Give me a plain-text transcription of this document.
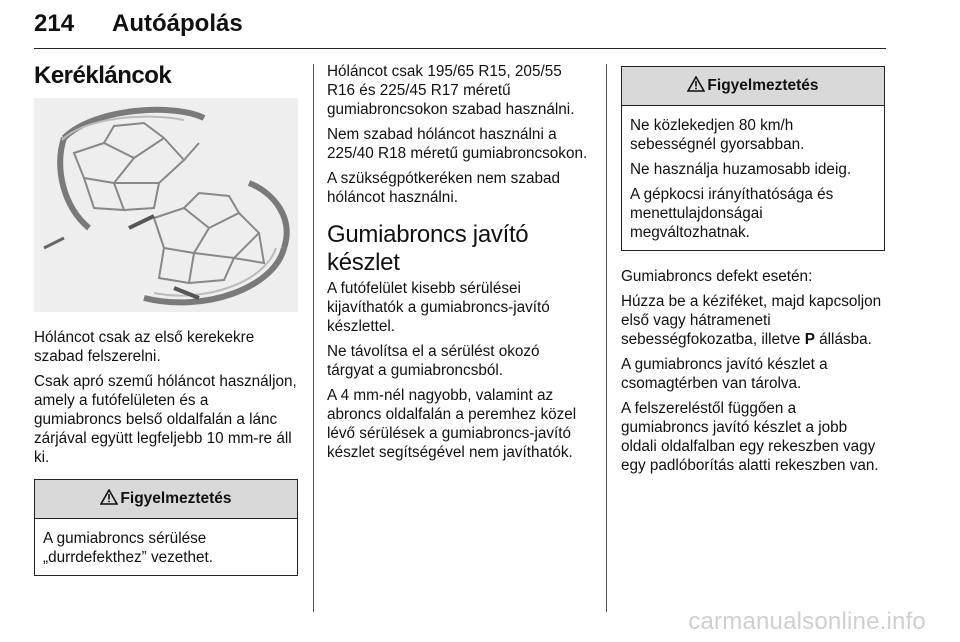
214 Autóápolás
Kerékláncok

Hóláncot csak az első kerekekre szabad felszerelni.

Csak apró szemű hóláncot használjon, amely a futófelületen és a gumiabroncs belső oldalfalán a lánc zárjával együtt legfeljebb 10 mm-re áll ki.

Figyelmeztetés

A gumiabroncs sérülése „durrdefekthez” vezethet.

Hóláncot csak 195/65 R15, 205/55 R16 és 225/45 R17 méretű gumiabroncsokon szabad használni.

Nem szabad hóláncot használni a 225/40 R18 méretű gumiabroncsokon.

A szükségpótkeréken nem szabad hóláncot használni.

Gumiabroncs javító készlet

A futófelület kisebb sérülései kijavíthatók a gumiabroncs-javító készlettel.

Ne távolítsa el a sérülést okozó tárgyat a gumiabroncsból.

A 4 mm-nél nagyobb, valamint az abroncs oldalfalán a peremhez közel lévő sérülések a gumiabroncs-javító készlet segítségével nem javíthatók.

Figyelmeztetés

Ne közlekedjen 80 km/h sebességnél gyorsabban.

Ne használja huzamosabb ideig.

A gépkocsi irányíthatósága és menettulajdonságai megváltozhatnak.

Gumiabroncs defekt esetén:

Húzza be a kéziféket, majd kapcsoljon első vagy hátrameneti sebességfokozatba, illetve P állásba.

A gumiabroncs javító készlet a csomagtérben van tárolva.

A felszereléstől függően a gumiabroncs javító készlet a jobb oldali oldalfalban egy rekeszben vagy egy padlóborítás alatti rekeszben van.

carmanualsonline.info
